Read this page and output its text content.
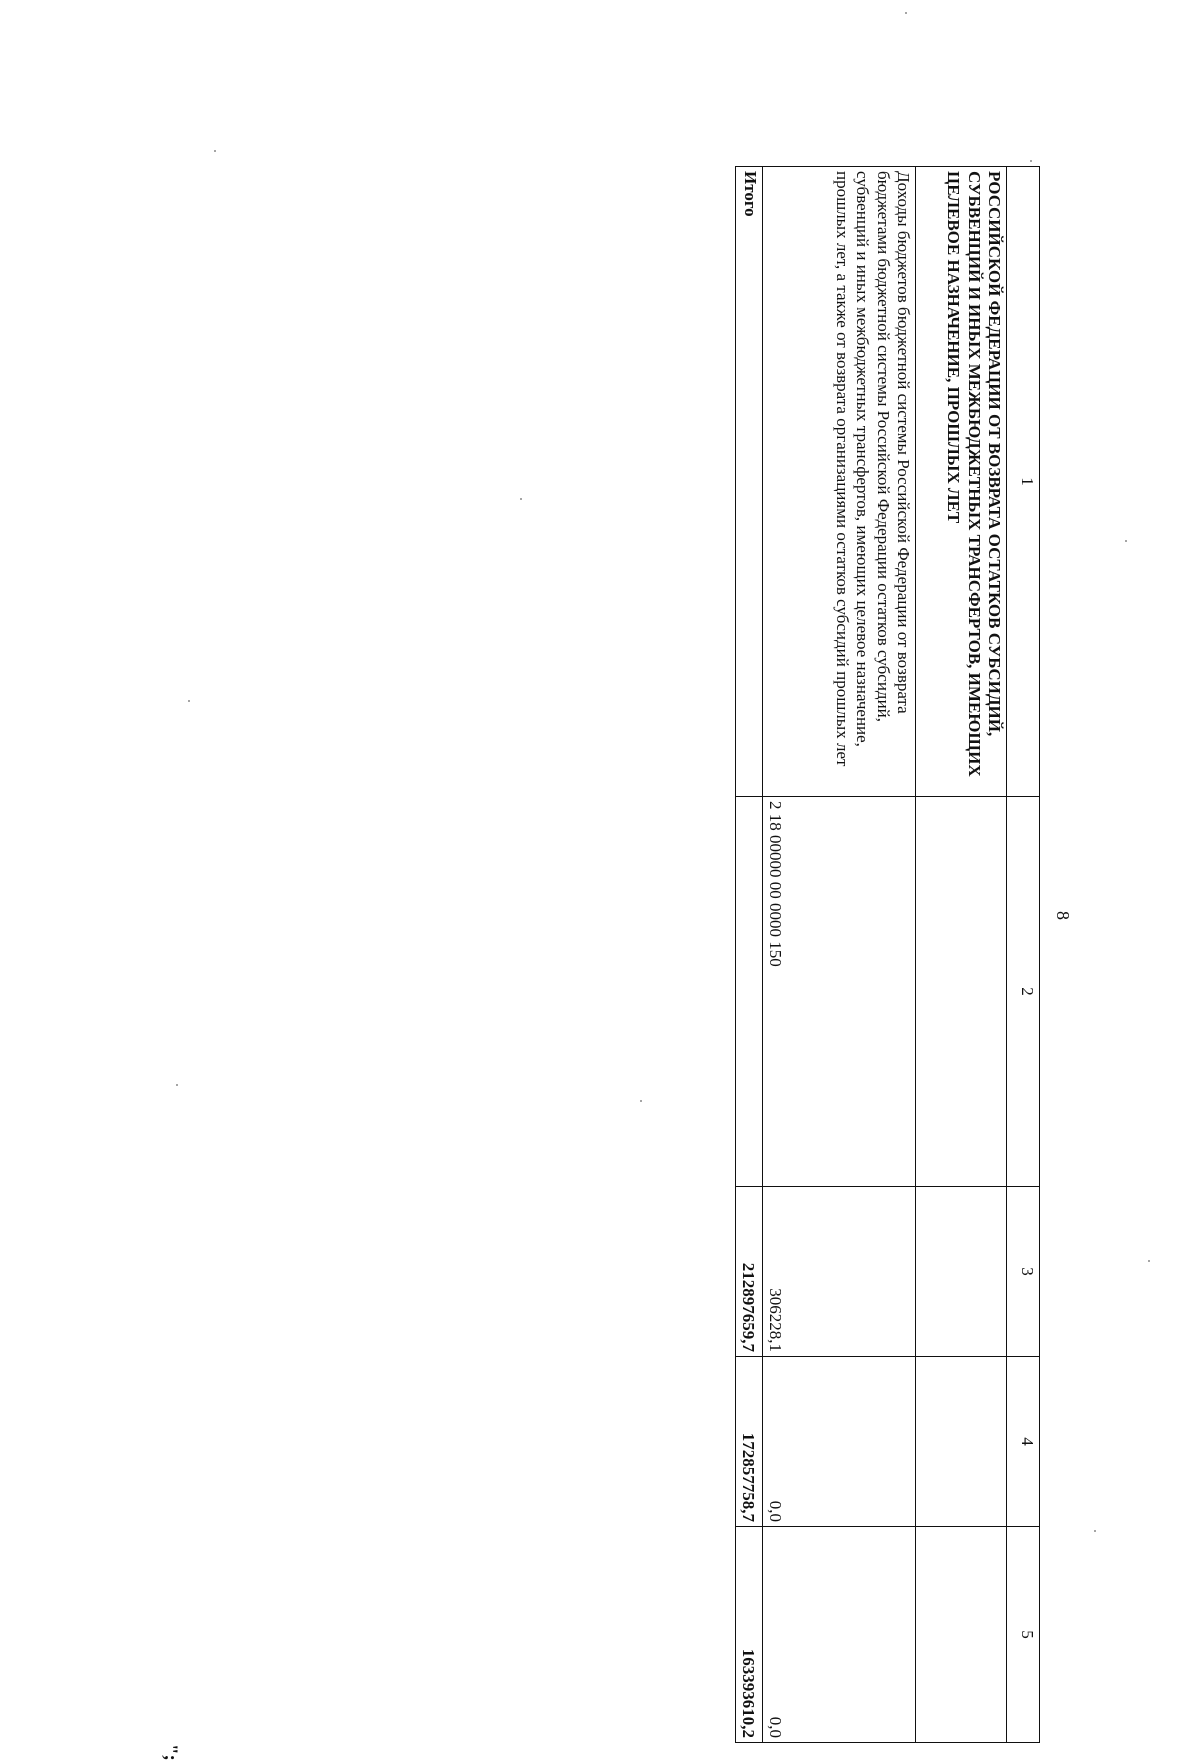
8
1	2	3	4	5
РОССИЙСКОЙ ФЕДЕРАЦИИ ОТ ВОЗВРАТА ОСТАТКОВ СУБСИДИЙ, СУБВЕНЦИЙ И ИНЫХ МЕЖБЮДЖЕТНЫХ ТРАНСФЕРТОВ, ИМЕЮЩИХ ЦЕЛЕВОЕ НАЗНАЧЕНИЕ, ПРОШЛЫХ ЛЕТ				
Доходы бюджетов бюджетной системы Российской Федерации от возврата бюджетами бюджетной системы Российской Федерации остатков субсидий, субвенций и иных межбюджетных трансфертов, имеющих целевое назначение, прошлых лет, а также от возврата организациями остатков субсидий прошлых лет	2 18 00000 00 0000 150	306228,1	0,0	0,0
Итого		212897659,7	172857758,7	163393610,2
";
